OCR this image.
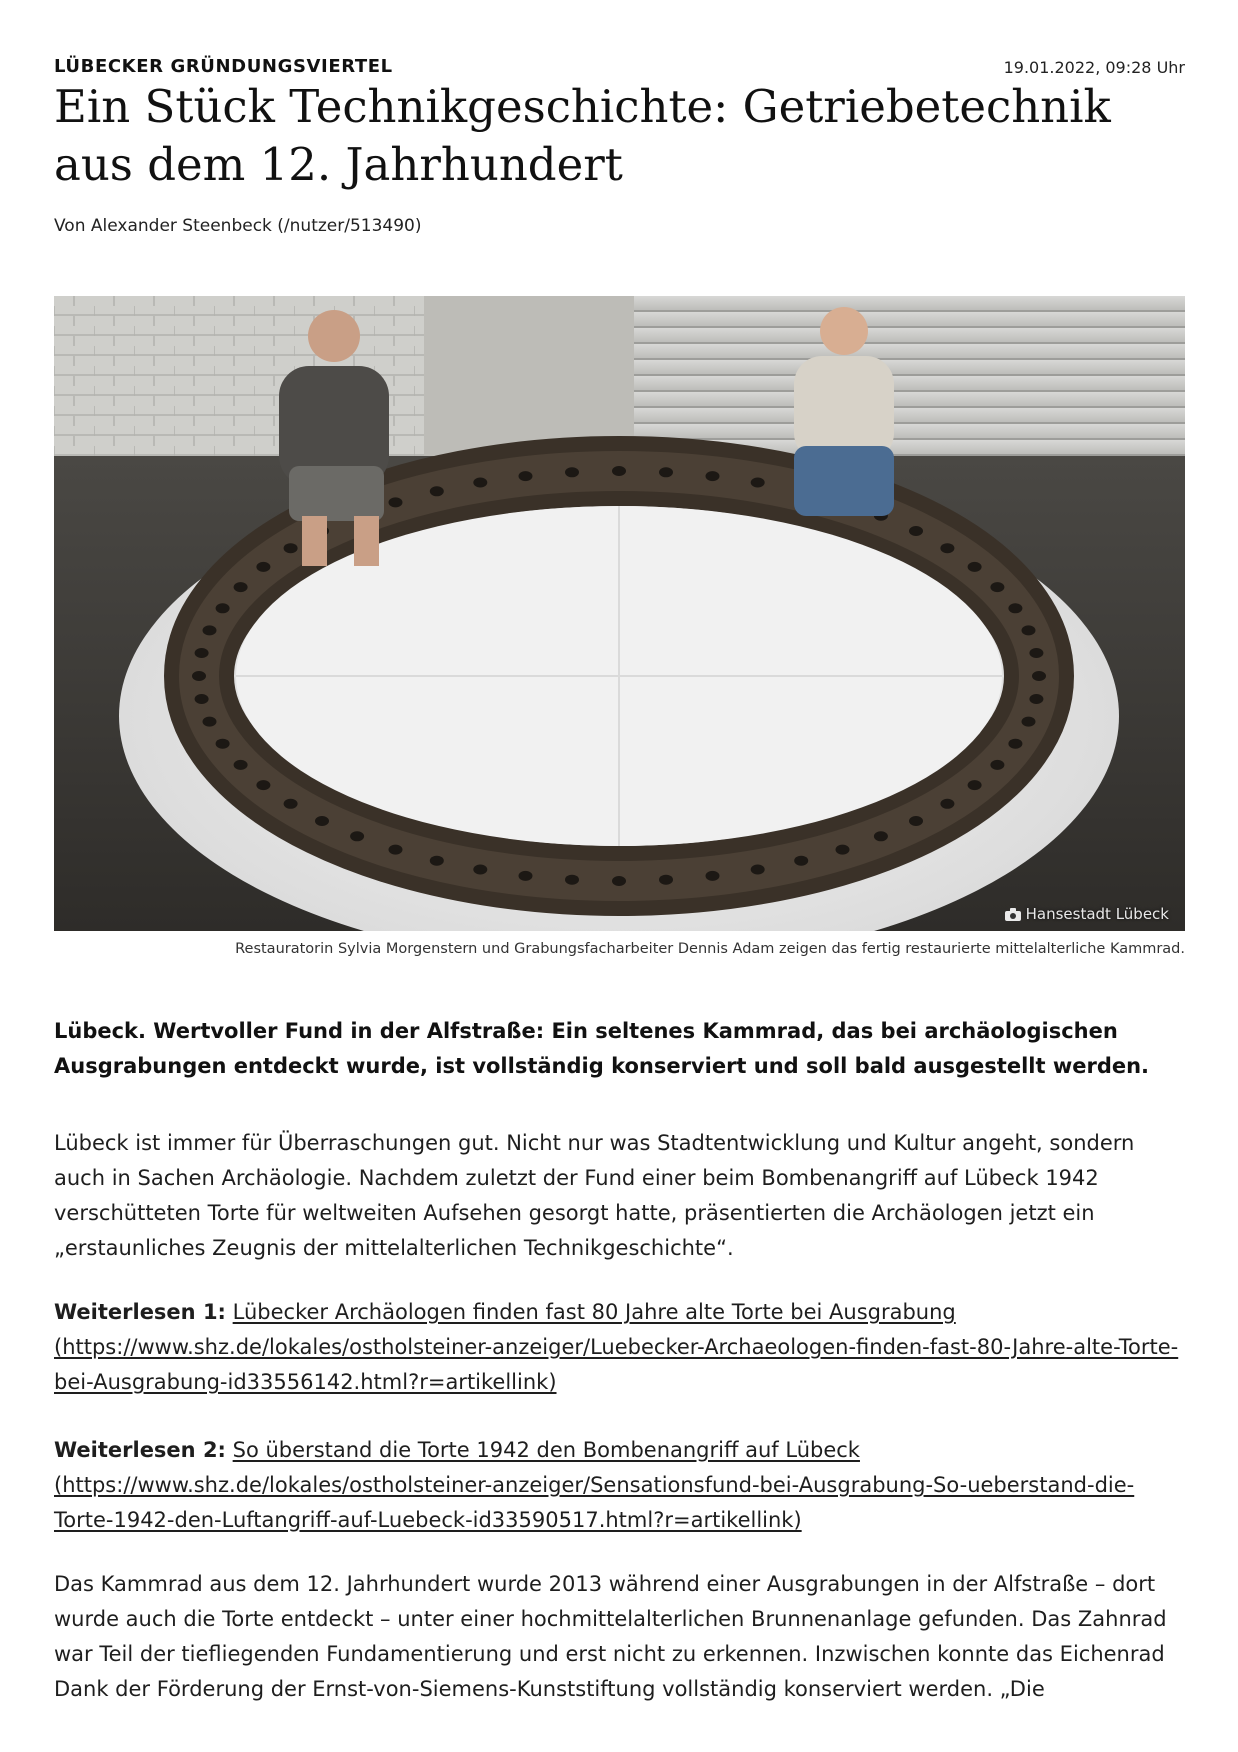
LÜBECKER GRÜNDUNGSVIERTEL	19.01.2022, 09:28 Uhr
Ein Stück Technikgeschichte: Getriebetechnik aus dem 12. Jahrhundert
Von Alexander Steenbeck (/nutzer/513490)
Hansestadt Lübeck
Restauratorin Sylvia Morgenstern und Grabungsfacharbeiter Dennis Adam zeigen das fertig restaurierte mittelalterliche Kammrad.
Lübeck. Wertvoller Fund in der Alfstraße: Ein seltenes Kammrad, das bei archäologischen Ausgrabungen entdeckt wurde, ist vollständig konserviert und soll bald ausgestellt werden.
Lübeck ist immer für Überraschungen gut. Nicht nur was Stadtentwicklung und Kultur angeht, sondern auch in Sachen Archäologie. Nachdem zuletzt der Fund einer beim Bombenangriff auf Lübeck 1942 verschütteten Torte für weltweiten Aufsehen gesorgt hatte, präsentierten die Archäologen jetzt ein „erstaunliches Zeugnis der mittelalterlichen Technikgeschichte“.
Weiterlesen 1: Lübecker Archäologen finden fast 80 Jahre alte Torte bei Ausgrabung (https://www.shz.de/lokales/ostholsteiner-anzeiger/Luebecker-Archaeologen-finden-fast-80-Jahre-alte-Torte-bei-Ausgrabung-id33556142.html?r=artikellink)
Weiterlesen 2: So überstand die Torte 1942 den Bombenangriff auf Lübeck (https://www.shz.de/lokales/ostholsteiner-anzeiger/Sensationsfund-bei-Ausgrabung-So-ueberstand-die-Torte-1942-den-Luftangriff-auf-Luebeck-id33590517.html?r=artikellink)
Das Kammrad aus dem 12. Jahrhundert wurde 2013 während einer Ausgrabungen in der Alfstraße – dort wurde auch die Torte entdeckt – unter einer hochmittelalterlichen Brunnenanlage gefunden. Das Zahnrad war Teil der tiefliegenden Fundamentierung und erst nicht zu erkennen. Inzwischen konnte das Eichenrad Dank der Förderung der Ernst-von-Siemens-Kunststiftung vollständig konserviert werden. „Die
